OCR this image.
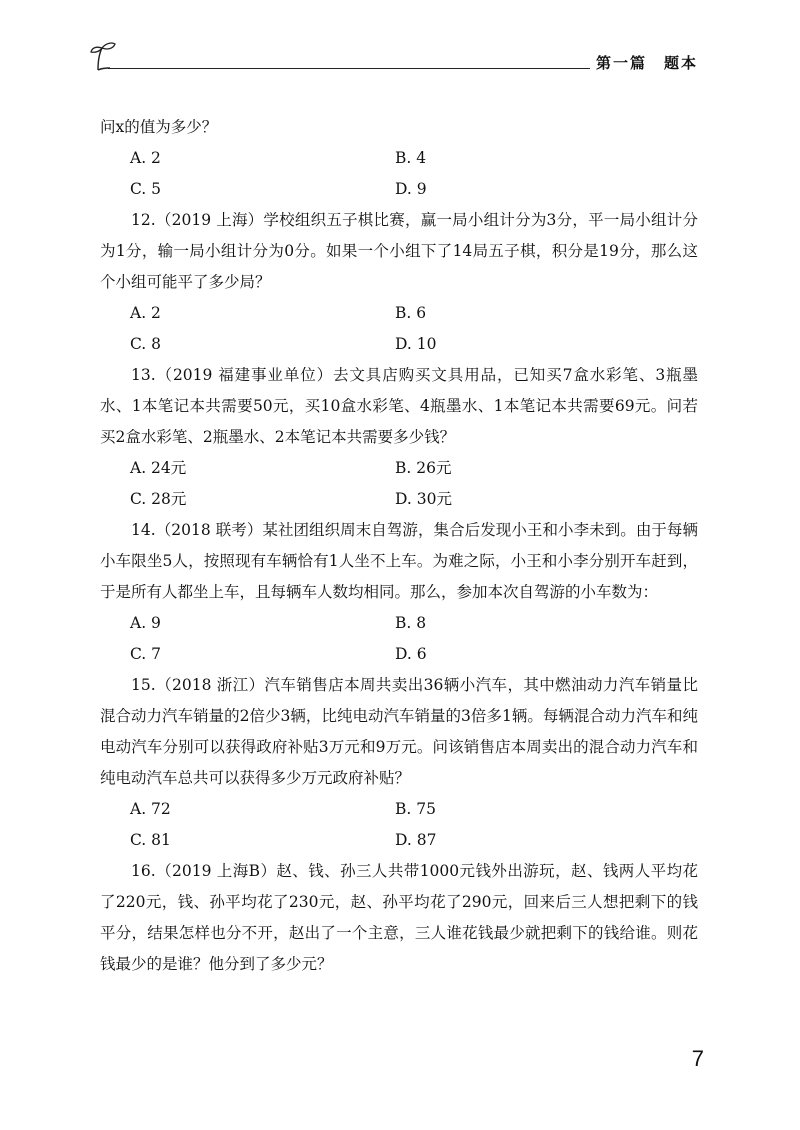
第一篇　题本

问x的值为多少？

A. 2	B. 4
C. 5	D. 9

12.（2019 上海）学校组织五子棋比赛，赢一局小组计分为3分，平一局小组计分为1分，输一局小组计分为0分。如果一个小组下了14局五子棋，积分是19分，那么这个小组可能平了多少局？

A. 2	B. 6
C. 8	D. 10

13.（2019 福建事业单位）去文具店购买文具用品，已知买7盒水彩笔、3瓶墨水、1本笔记本共需要50元，买10盒水彩笔、4瓶墨水、1本笔记本共需要69元。问若买2盒水彩笔、2瓶墨水、2本笔记本共需要多少钱？

A. 24元	B. 26元
C. 28元	D. 30元

14.（2018 联考）某社团组织周末自驾游，集合后发现小王和小李未到。由于每辆小车限坐5人，按照现有车辆恰有1人坐不上车。为难之际，小王和小李分别开车赶到，于是所有人都坐上车，且每辆车人数均相同。那么，参加本次自驾游的小车数为：

A. 9	B. 8
C. 7	D. 6

15.（2018 浙江）汽车销售店本周共卖出36辆小汽车，其中燃油动力汽车销量比混合动力汽车销量的2倍少3辆，比纯电动汽车销量的3倍多1辆。每辆混合动力汽车和纯电动汽车分别可以获得政府补贴3万元和9万元。问该销售店本周卖出的混合动力汽车和纯电动汽车总共可以获得多少万元政府补贴？

A. 72	B. 75
C. 81	D. 87

16.（2019 上海B）赵、钱、孙三人共带1000元钱外出游玩，赵、钱两人平均花了220元，钱、孙平均花了230元，赵、孙平均花了290元，回来后三人想把剩下的钱平分，结果怎样也分不开，赵出了一个主意，三人谁花钱最少就把剩下的钱给谁。则花钱最少的是谁？他分到了多少元？

7
